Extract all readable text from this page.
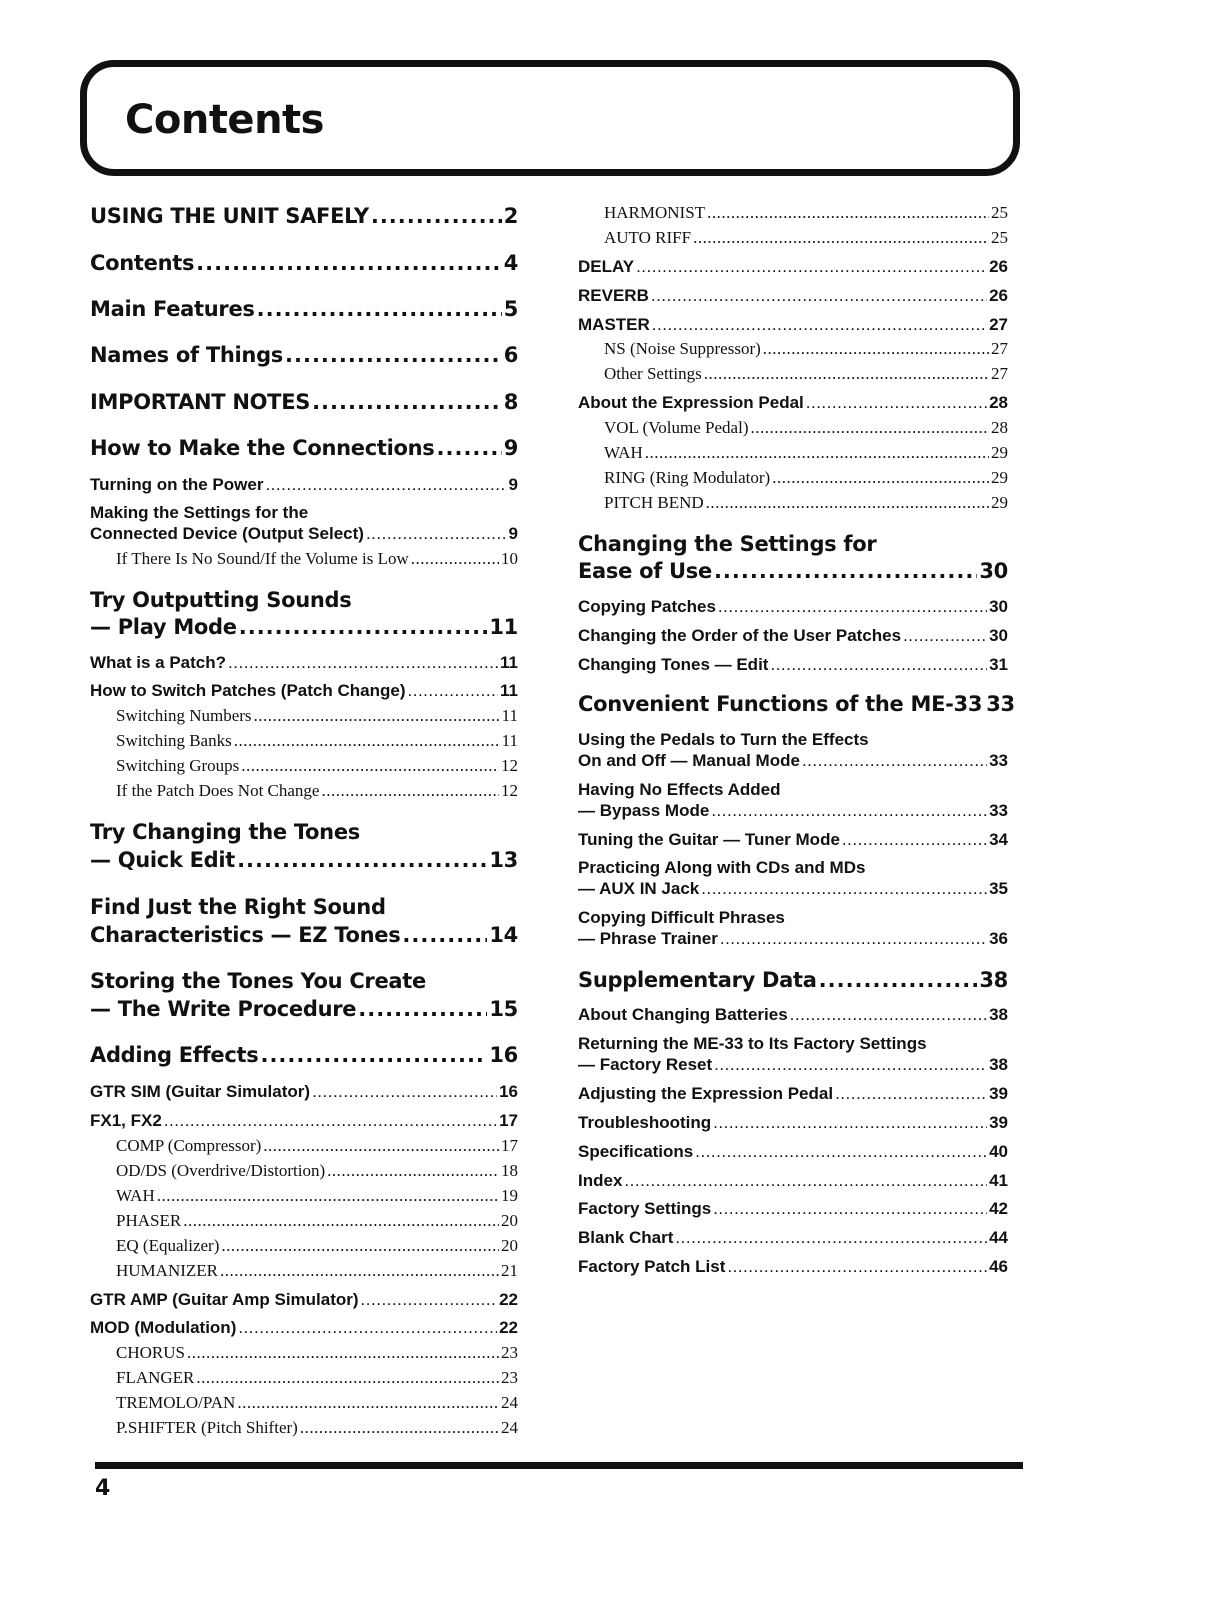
Contents
USING THE UNIT SAFELY .....	2
Contents .....	4
Main Features .....	5
Names of Things .....	6
IMPORTANT NOTES .....	8
How to Make the Connections .....	9
Turning on the Power .....	9
Making the Settings for the
Connected Device (Output Select) .....	9
If There Is No Sound/If the Volume is Low .....	10
Try Outputting Sounds
— Play Mode .....	11
What is a Patch? .....	11
How to Switch Patches (Patch Change) .....	11
Switching Numbers .....	11
Switching Banks .....	11
Switching Groups .....	12
If the Patch Does Not Change .....	12
Try Changing the Tones
— Quick Edit .....	13
Find Just the Right Sound
Characteristics — EZ Tones .....	14
Storing the Tones You Create
— The Write Procedure .....	15
Adding Effects .....	16
GTR SIM (Guitar Simulator) .....	16
FX1, FX2 .....	17
COMP (Compressor) .....	17
OD/DS (Overdrive/Distortion) .....	18
WAH .....	19
PHASER .....	20
EQ (Equalizer) .....	20
HUMANIZER .....	21
GTR AMP (Guitar Amp Simulator) .....	22
MOD (Modulation) .....	22
CHORUS .....	23
FLANGER .....	23
TREMOLO/PAN .....	24
P.SHIFTER (Pitch Shifter) .....	24
HARMONIST .....	25
AUTO RIFF .....	25
DELAY .....	26
REVERB .....	26
MASTER .....	27
NS (Noise Suppressor) .....	27
Other Settings .....	27
About the Expression Pedal .....	28
VOL (Volume Pedal) .....	28
WAH .....	29
RING (Ring Modulator) .....	29
PITCH BEND .....	29
Changing the Settings for
Ease of Use .....	30
Copying Patches .....	30
Changing the Order of the User Patches .....	30
Changing Tones — Edit .....	31
Convenient Functions of the ME-33 33
Using the Pedals to Turn the Effects
On and Off — Manual Mode .....	33
Having No Effects Added
— Bypass Mode .....	33
Tuning the Guitar — Tuner Mode .....	34
Practicing Along with CDs and MDs
— AUX IN Jack .....	35
Copying Difficult Phrases
— Phrase Trainer .....	36
Supplementary Data .....	38
About Changing Batteries .....	38
Returning the ME-33 to Its Factory Settings
— Factory Reset .....	38
Adjusting the Expression Pedal .....	39
Troubleshooting .....	39
Specifications .....	40
Index .....	41
Factory Settings .....	42
Blank Chart .....	44
Factory Patch List .....	46
4
